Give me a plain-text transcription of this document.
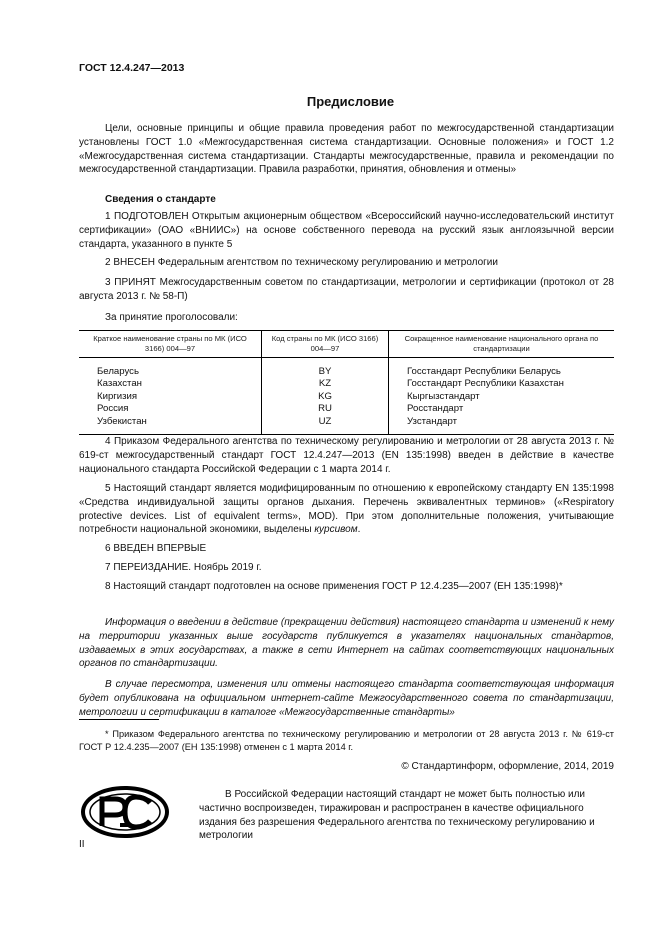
ГОСТ 12.4.247—2013
Предисловие
Цели, основные принципы и общие правила проведения работ по межгосударственной стандартизации установлены ГОСТ 1.0 «Межгосударственная система стандартизации. Основные положения» и ГОСТ 1.2 «Межгосударственная система стандартизации. Стандарты межгосударственные, правила и рекомендации по межгосударственной стандартизации. Правила разработки, принятия, обновления и отмены»
Сведения о стандарте
1 ПОДГОТОВЛЕН Открытым акционерным обществом «Всероссийский научно-исследовательский институт сертификации» (ОАО «ВНИИС») на основе собственного перевода на русский язык англоязычной версии стандарта, указанного в пункте 5
2 ВНЕСЕН Федеральным агентством по техническому регулированию и метрологии
3 ПРИНЯТ Межгосударственным советом по стандартизации, метрологии и сертификации (протокол от 28 августа 2013 г. № 58-П)
За принятие проголосовали:
Краткое наименование страны по МК (ИСО 3166) 004—97	Код страны по МК (ИСО 3166) 004—97	Сокращенное наименование национального органа по стандартизации
Беларусь	BY	Госстандарт Республики Беларусь
Казахстан	KZ	Госстандарт Республики Казахстан
Киргизия	KG	Кыргызстандарт
Россия	RU	Росстандарт
Узбекистан	UZ	Узстандарт
4 Приказом Федерального агентства по техническому регулированию и метрологии от 28 августа 2013 г. № 619-ст межгосударственный стандарт ГОСТ 12.4.247—2013 (EN 135:1998) введен в действие в качестве национального стандарта Российской Федерации с 1 марта 2014 г.
5 Настоящий стандарт является модифицированным по отношению к европейскому стандарту EN 135:1998 «Средства индивидуальной защиты органов дыхания. Перечень эквивалентных терминов» («Respiratory protective devices. List of equivalent terms», MOD). При этом дополнительные положения, учитывающие потребности национальной экономики, выделены курсивом.
6 ВВЕДЕН ВПЕРВЫЕ
7 ПЕРЕИЗДАНИЕ. Ноябрь 2019 г.
8 Настоящий стандарт подготовлен на основе применения ГОСТ Р 12.4.235—2007 (ЕН 135:1998)*
Информация о введении в действие (прекращении действия) настоящего стандарта и изменений к нему на территории указанных выше государств публикуется в указателях национальных стандартов, издаваемых в этих государствах, а также в сети Интернет на сайтах соответствующих национальных органов по стандартизации.
В случае пересмотра, изменения или отмены настоящего стандарта соответствующая информация будет опубликована на официальном интернет-сайте Межгосударственного совета по стандартизации, метрологии и сертификации в каталоге «Межгосударственные стандарты»
* Приказом Федерального агентства по техническому регулированию и метрологии от 28 августа 2013 г. № 619-ст ГОСТ Р 12.4.235—2007 (ЕН 135:1998) отменен с 1 марта 2014 г.
© Стандартинформ, оформление, 2014, 2019
В Российской Федерации настоящий стандарт не может быть полностью или частично воспроизведен, тиражирован и распространен в качестве официального издания без разрешения Федерального агентства по техническому регулированию и метрологии
II
